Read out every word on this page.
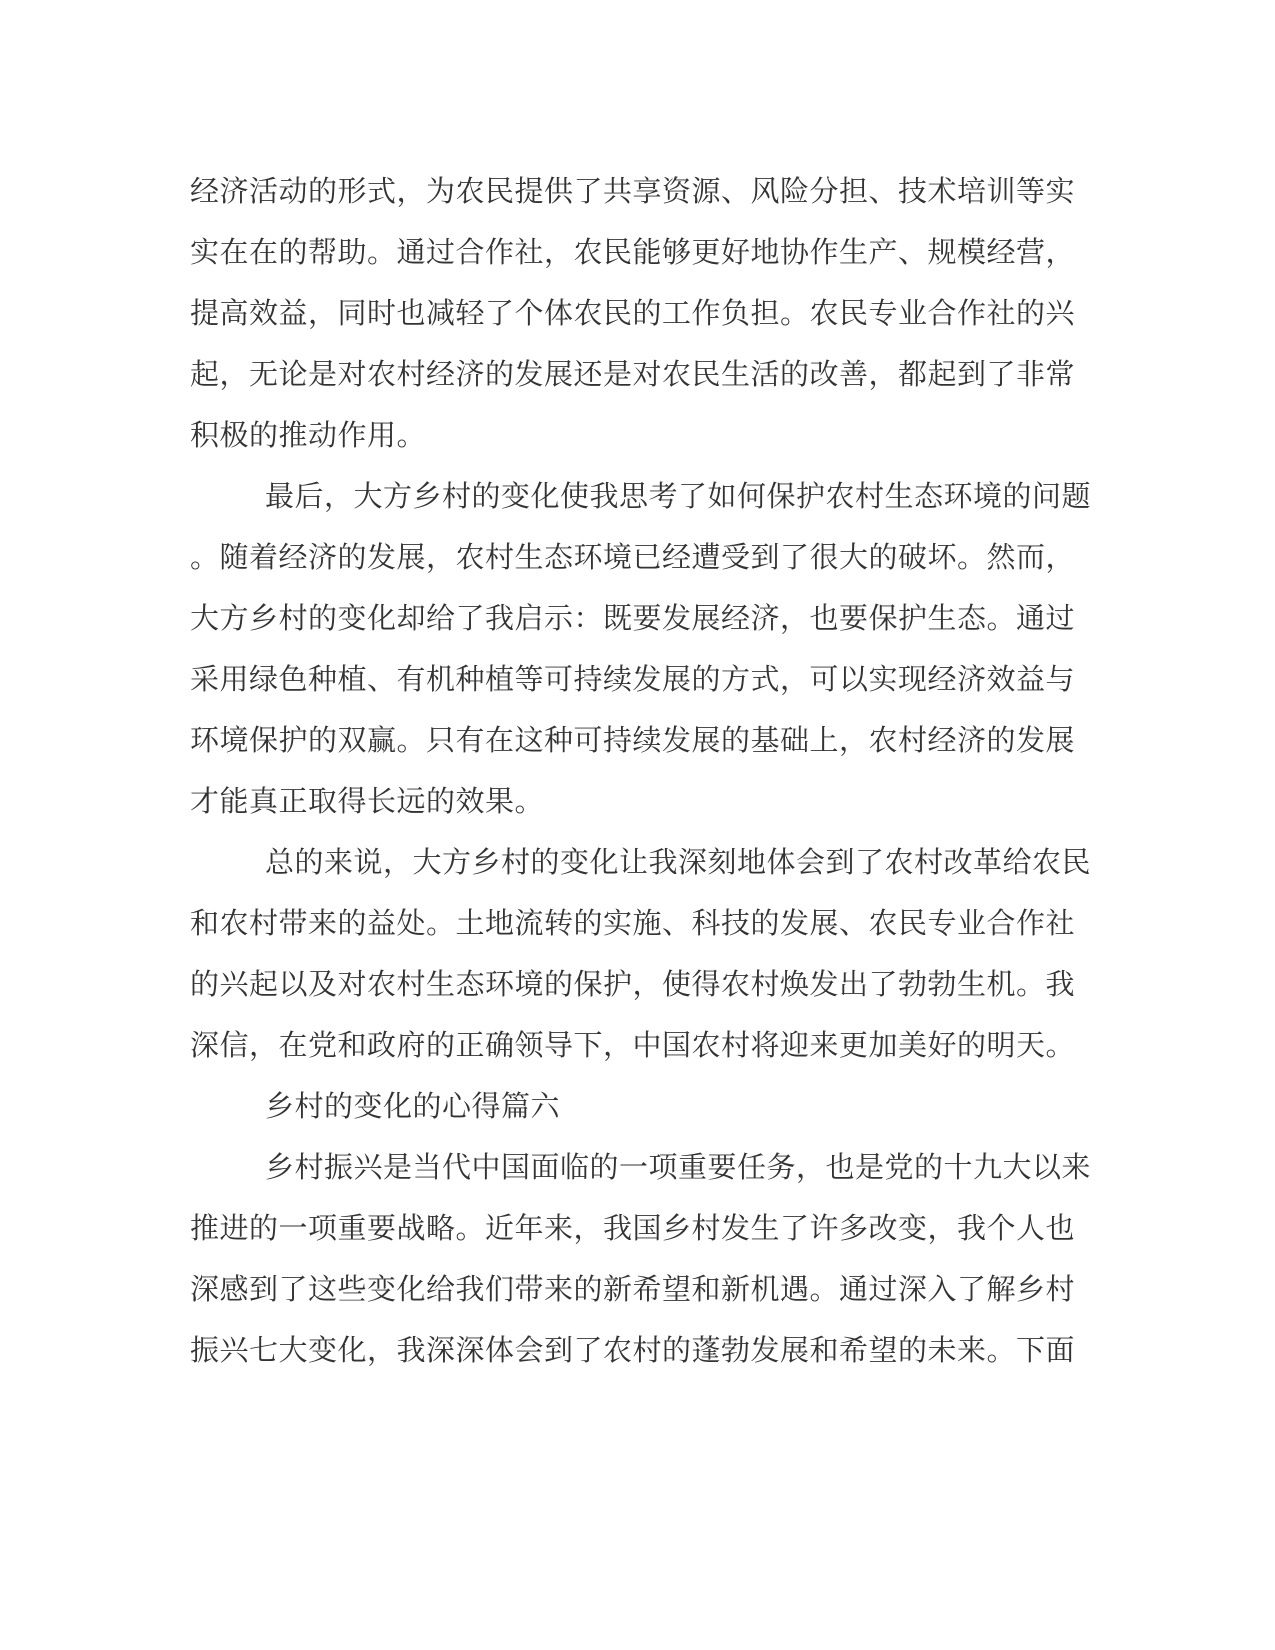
经济活动的形式，为农民提供了共享资源、风险分担、技术培训等实
实在在的帮助。通过合作社，农民能够更好地协作生产、规模经营，
提高效益，同时也减轻了个体农民的工作负担。农民专业合作社的兴
起，无论是对农村经济的发展还是对农民生活的改善，都起到了非常
积极的推动作用。
最后，大方乡村的变化使我思考了如何保护农村生态环境的问题
。随着经济的发展，农村生态环境已经遭受到了很大的破坏。然而，
大方乡村的变化却给了我启示：既要发展经济，也要保护生态。通过
采用绿色种植、有机种植等可持续发展的方式，可以实现经济效益与
环境保护的双赢。只有在这种可持续发展的基础上，农村经济的发展
才能真正取得长远的效果。
总的来说，大方乡村的变化让我深刻地体会到了农村改革给农民
和农村带来的益处。土地流转的实施、科技的发展、农民专业合作社
的兴起以及对农村生态环境的保护，使得农村焕发出了勃勃生机。我
深信，在党和政府的正确领导下，中国农村将迎来更加美好的明天。
乡村的变化的心得篇六
乡村振兴是当代中国面临的一项重要任务，也是党的十九大以来
推进的一项重要战略。近年来，我国乡村发生了许多改变，我个人也
深感到了这些变化给我们带来的新希望和新机遇。通过深入了解乡村
振兴七大变化，我深深体会到了农村的蓬勃发展和希望的未来。下面
